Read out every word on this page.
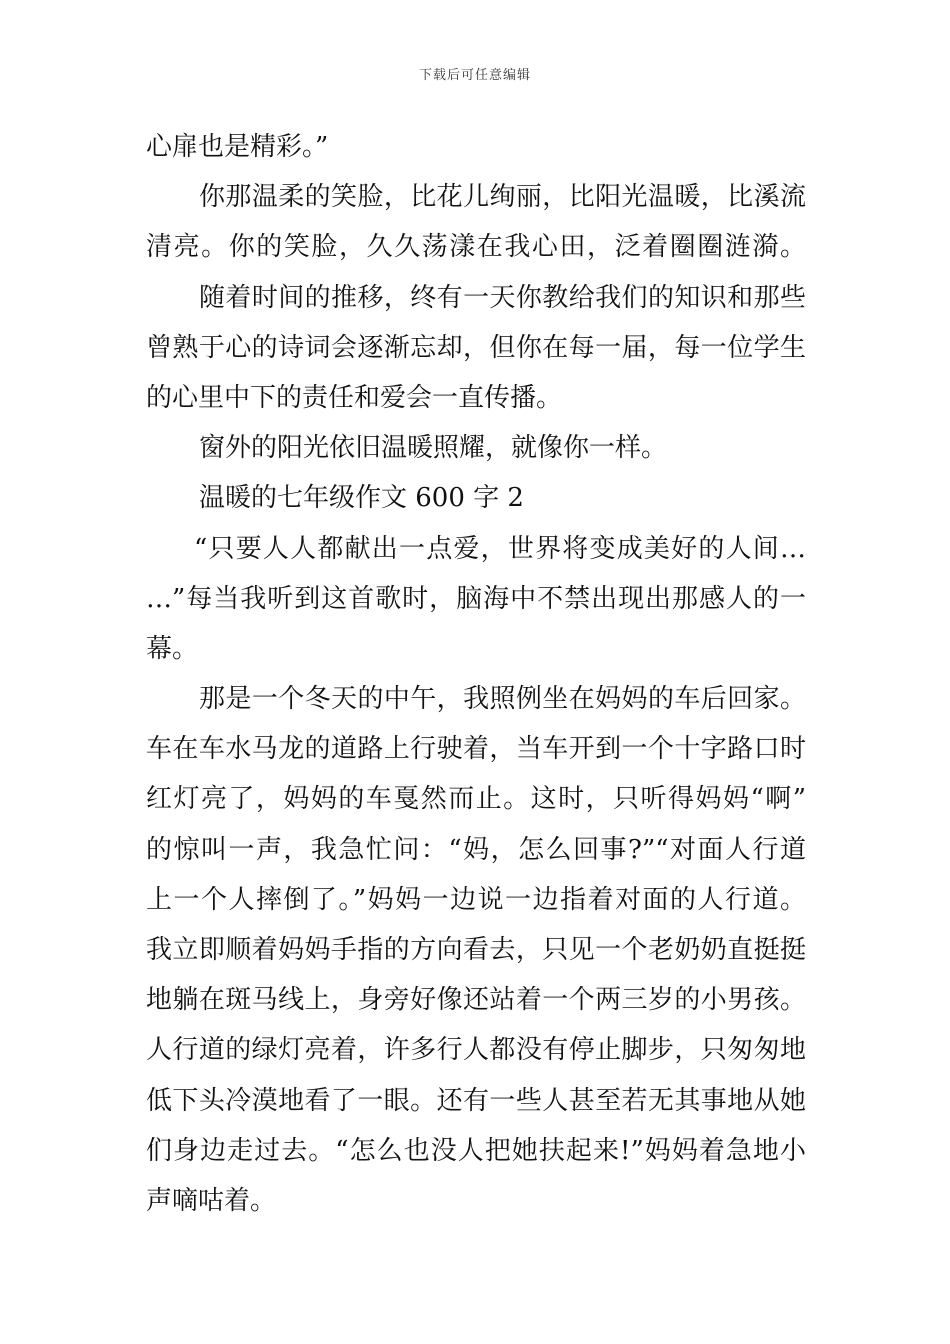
下载后可任意编辑
心扉也是精彩。”
你那温柔的笑脸，比花儿绚丽，比阳光温暖，比溪流
清亮。你的笑脸，久久荡漾在我心田，泛着圈圈涟漪。
随着时间的推移，终有一天你教给我们的知识和那些
曾熟于心的诗词会逐渐忘却，但你在每一届，每一位学生
的心里中下的责任和爱会一直传播。
窗外的阳光依旧温暖照耀，就像你一样。
温暖的七年级作文 600 字 2
“只要人人都献出一点爱，世界将变成美好的人间…
…”每当我听到这首歌时，脑海中不禁出现出那感人的一
幕。
那是一个冬天的中午，我照例坐在妈妈的车后回家。
车在车水马龙的道路上行驶着，当车开到一个十字路口时
红灯亮了，妈妈的车戛然而止。这时，只听得妈妈“啊”
的惊叫一声，我急忙问：“妈，怎么回事?”“对面人行道
上一个人摔倒了。”妈妈一边说一边指着对面的人行道。
我立即顺着妈妈手指的方向看去，只见一个老奶奶直挺挺
地躺在斑马线上，身旁好像还站着一个两三岁的小男孩。
人行道的绿灯亮着，许多行人都没有停止脚步，只匆匆地
低下头冷漠地看了一眼。还有一些人甚至若无其事地从她
们身边走过去。“怎么也没人把她扶起来!”妈妈着急地小
声嘀咕着。
